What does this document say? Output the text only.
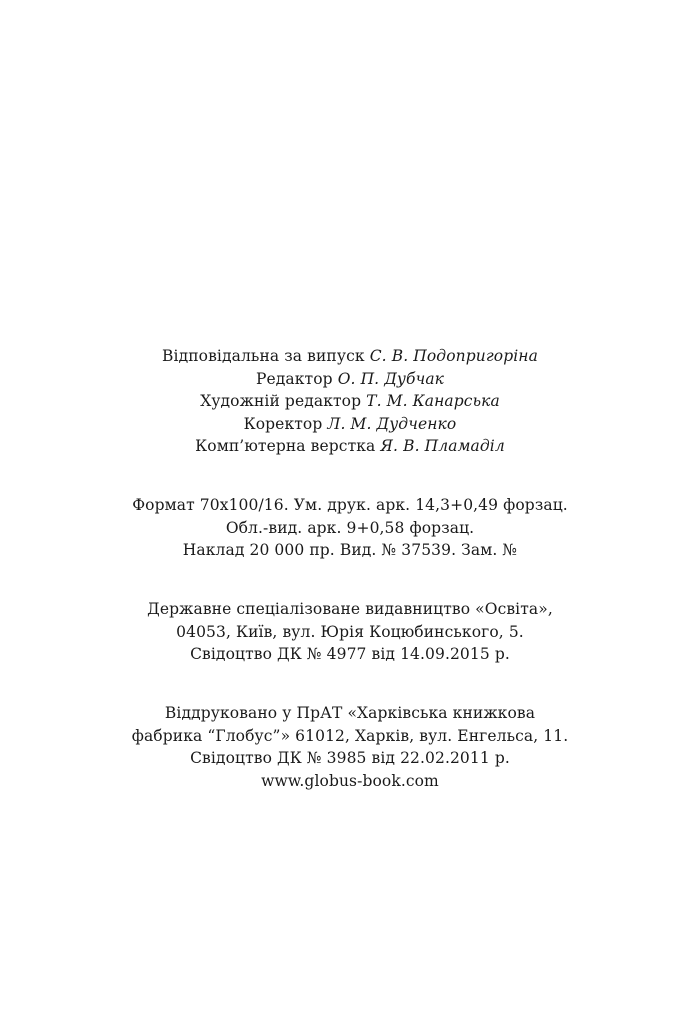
Відповідальна за випуск С. В. Подопригоріна
Редактор О. П. Дубчак
Художній редактор Т. М. Канарська
Коректор Л. М. Дудченко
Комп’ютерна верстка Я. В. Пламаділ
Формат 70x100/16. Ум. друк. арк. 14,3+0,49 форзац.
Обл.-вид. арк. 9+0,58 форзац.
Наклад 20 000 пр. Вид. № 37539. Зам. №
Державне спеціалізоване видавництво «Освіта»,
04053, Київ, вул. Юрія Коцюбинського, 5.
Свідоцтво ДК № 4977 від 14.09.2015 р.
Віддруковано у ПрАТ «Харківська книжкова
фабрика “Глобус”» 61012, Харків, вул. Енгельса, 11.
Свідоцтво ДК № 3985 від 22.02.2011 р.
www.globus-book.com
